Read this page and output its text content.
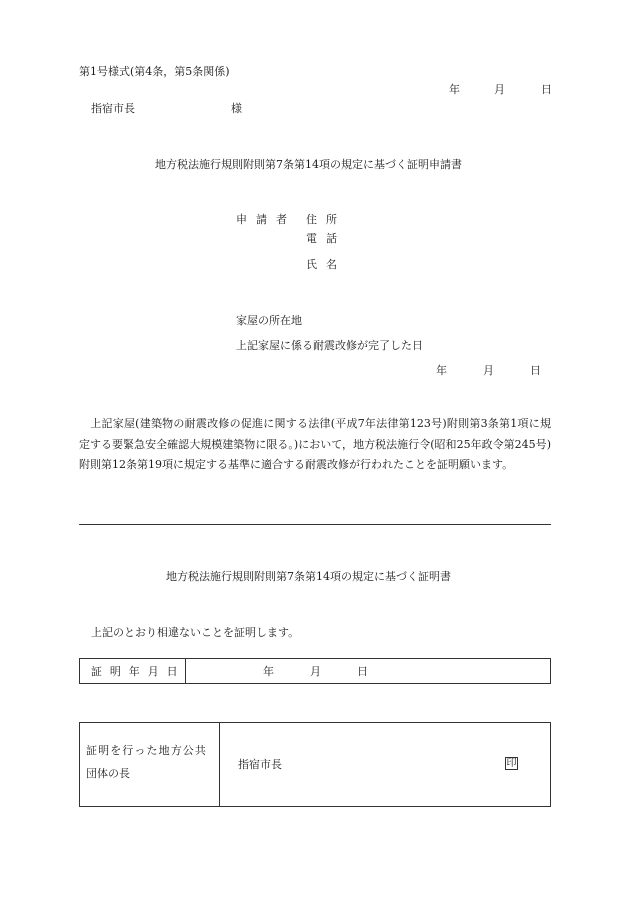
第1号様式(第4条，第5条関係)
年	月	日
指宿市長	様
地方税法施行規則附則第7条第14項の規定に基づく証明申請書
申 請 者 住 所
電 話
氏 名
家屋の所在地
上記家屋に係る耐震改修が完了した日
年	月	日
上記家屋(建築物の耐震改修の促進に関する法律(平成7年法律第123号)附則第3条第1項に規定する要緊急安全確認大規模建築物に限る。)において，地方税法施行令(昭和25年政令第245号)附則第12条第19項に規定する基準に適合する耐震改修が行われたことを証明願います。
地方税法施行規則附則第7条第14項の規定に基づく証明書
上記のとおり相違ないことを証明します。
証 明 年 月 日	年	月	日
証明を行った地方公共
団体の長
指宿市長	印
